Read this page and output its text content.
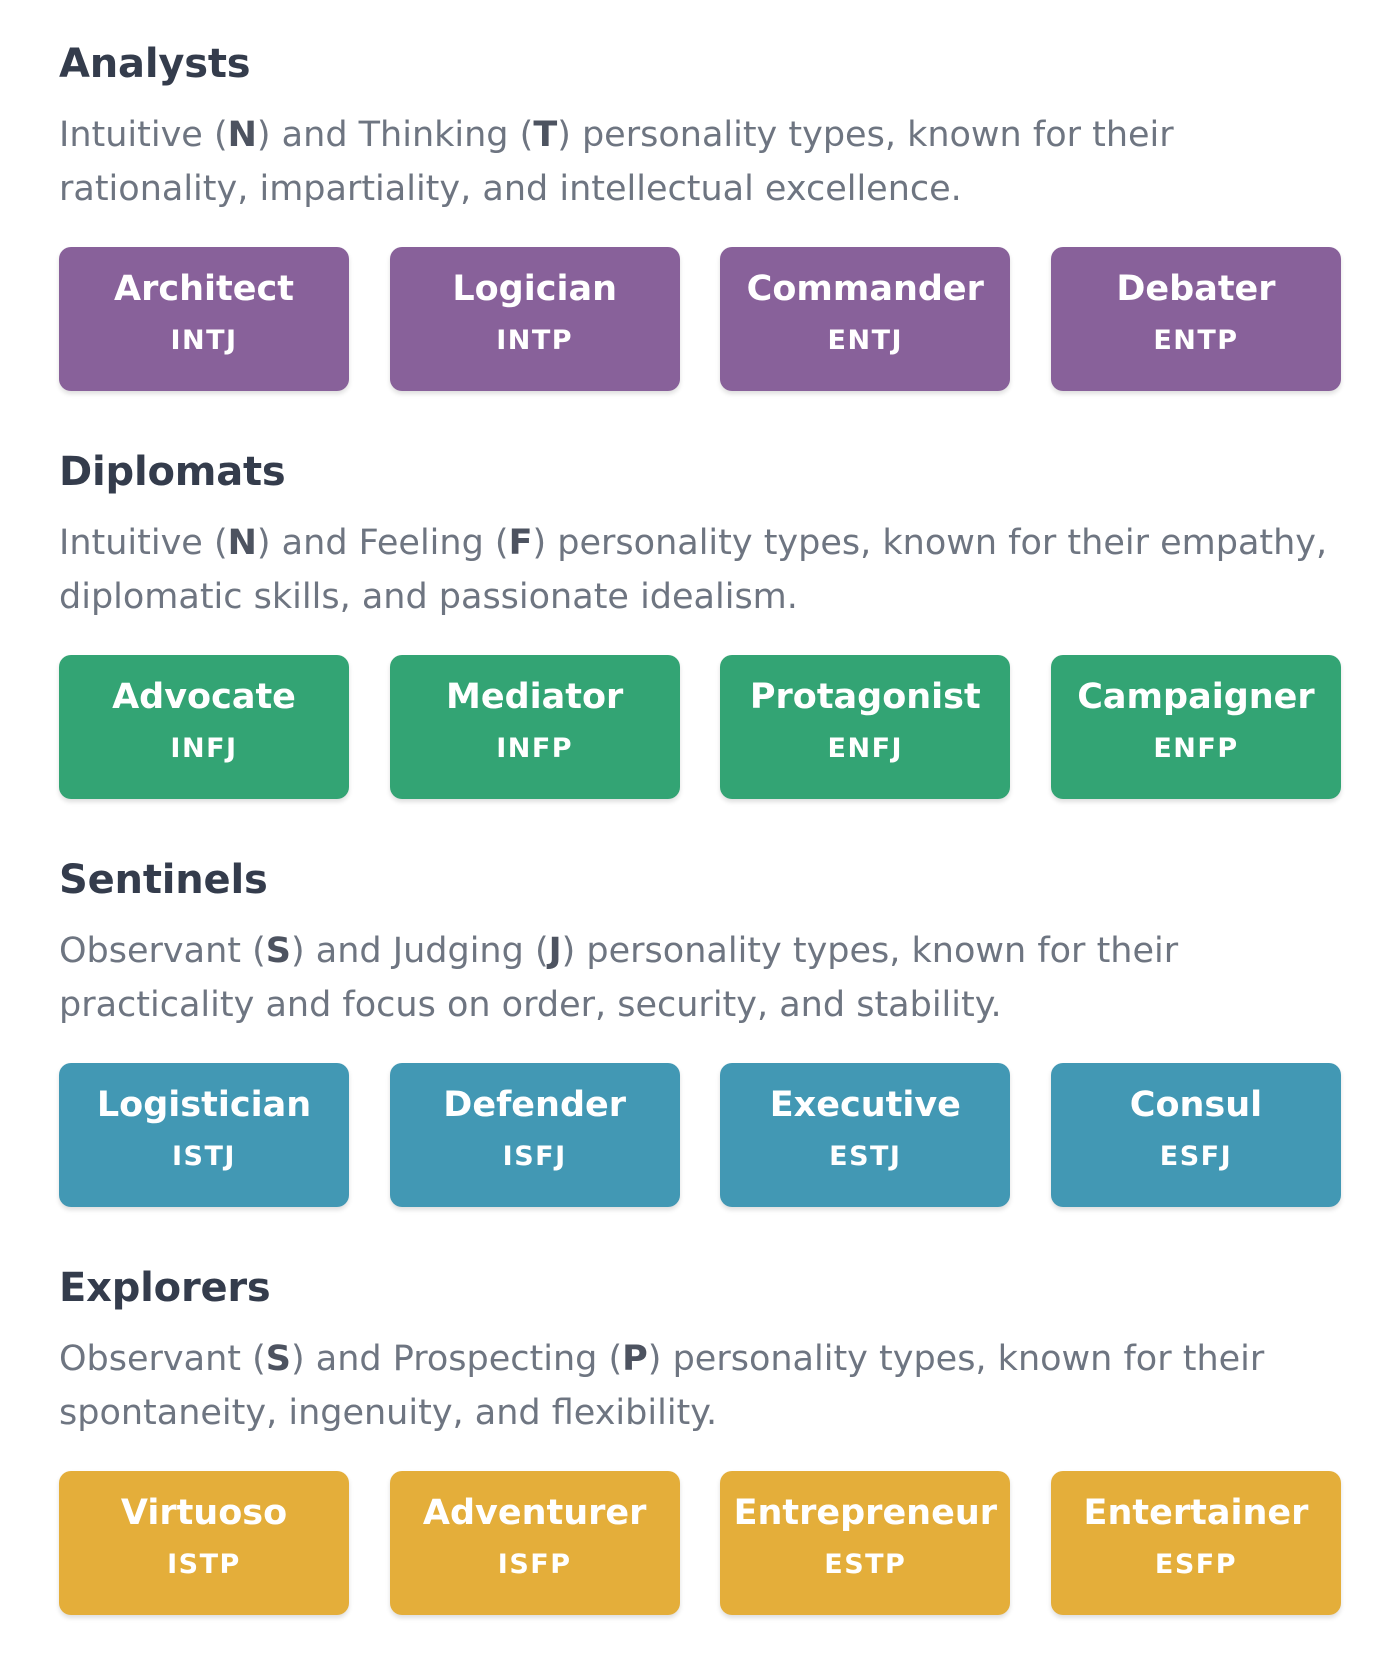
Analysts

Intuitive (N) and Thinking (T) personality types, known for their rationality, impartiality, and intellectual excellence.

Architect
INTJ
Logician
INTP
Commander
ENTJ
Debater
ENTP
Diplomats

Intuitive (N) and Feeling (F) personality types, known for their empathy, diplomatic skills, and passionate idealism.

Advocate
INFJ
Mediator
INFP
Protagonist
ENFJ
Campaigner
ENFP
Sentinels

Observant (S) and Judging (J) personality types, known for their practicality and focus on order, security, and stability.

Logistician
ISTJ
Defender
ISFJ
Executive
ESTJ
Consul
ESFJ
Explorers

Observant (S) and Prospecting (P) personality types, known for their spontaneity, ingenuity, and flexibility.

Virtuoso
ISTP
Adventurer
ISFP
Entrepreneur
ESTP
Entertainer
ESFP
